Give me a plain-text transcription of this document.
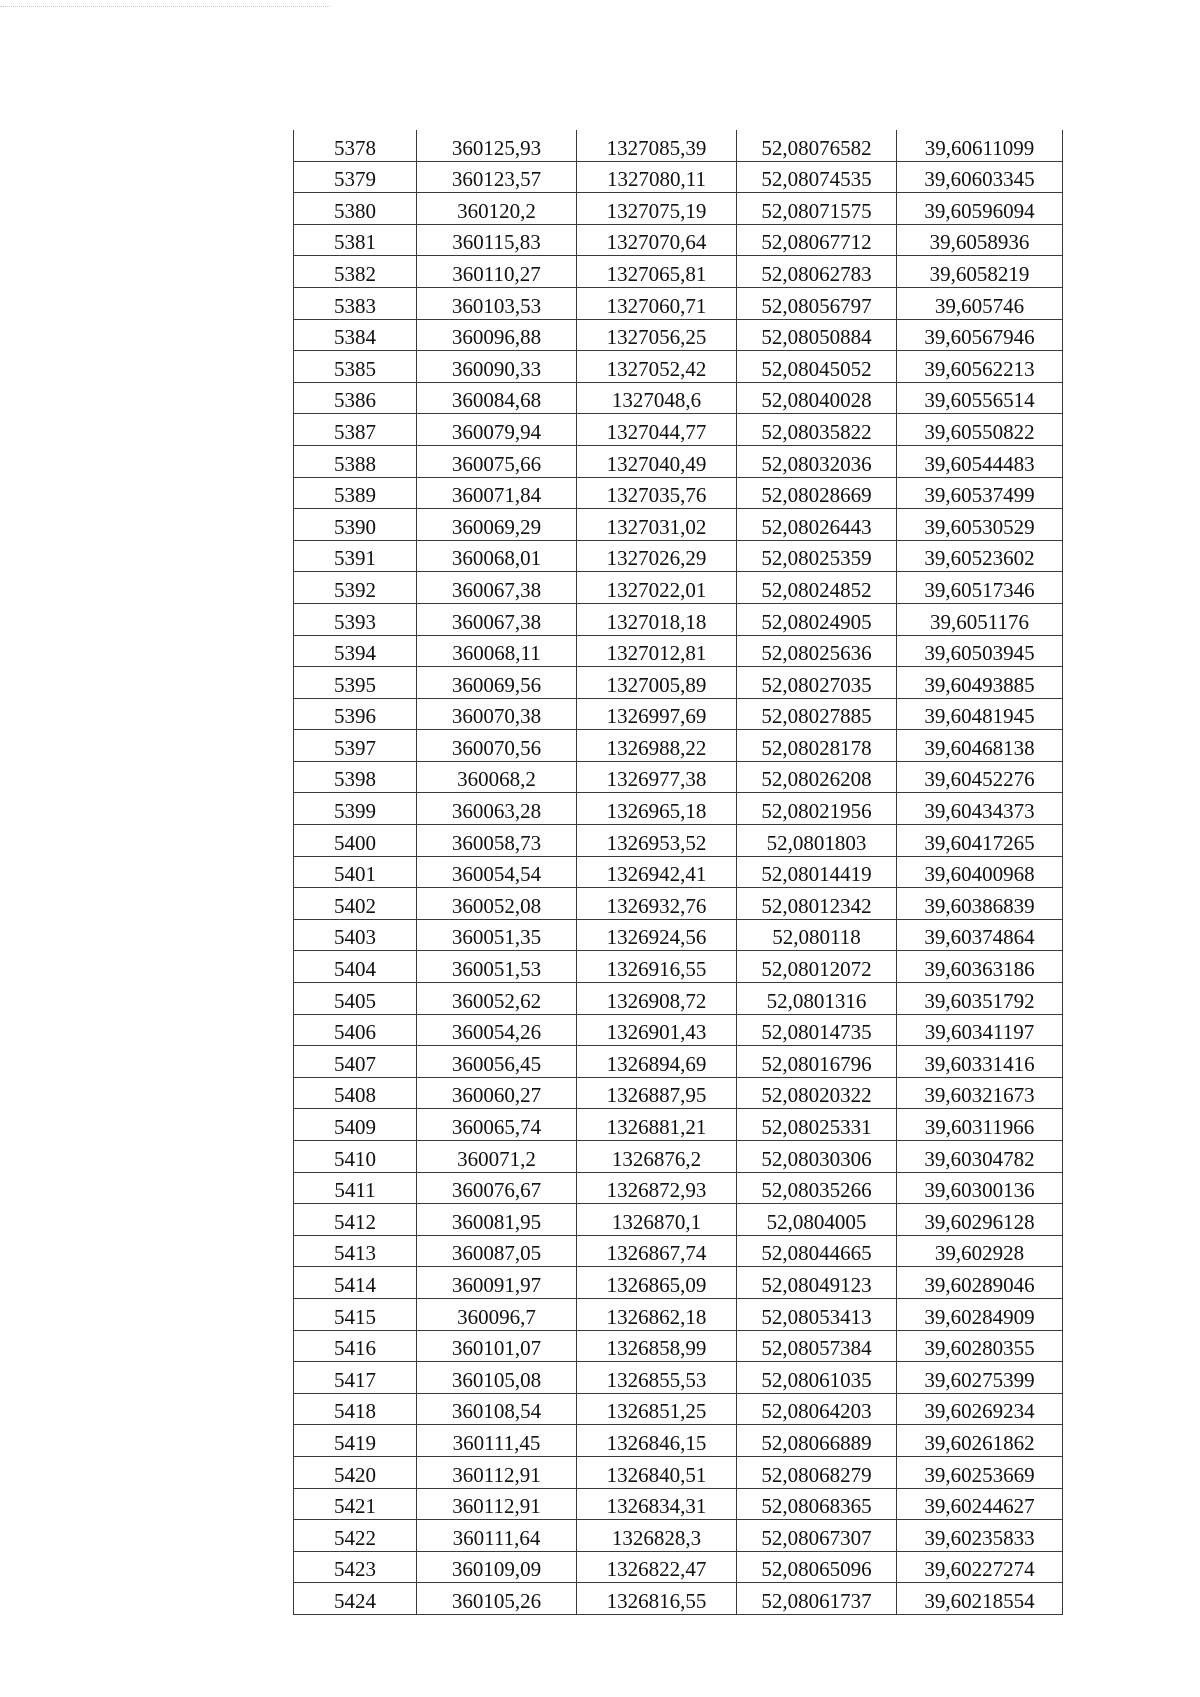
5378	360125,93	1327085,39	52,08076582	39,60611099
5379	360123,57	1327080,11	52,08074535	39,60603345
5380	360120,2	1327075,19	52,08071575	39,60596094
5381	360115,83	1327070,64	52,08067712	39,6058936
5382	360110,27	1327065,81	52,08062783	39,6058219
5383	360103,53	1327060,71	52,08056797	39,605746
5384	360096,88	1327056,25	52,08050884	39,60567946
5385	360090,33	1327052,42	52,08045052	39,60562213
5386	360084,68	1327048,6	52,08040028	39,60556514
5387	360079,94	1327044,77	52,08035822	39,60550822
5388	360075,66	1327040,49	52,08032036	39,60544483
5389	360071,84	1327035,76	52,08028669	39,60537499
5390	360069,29	1327031,02	52,08026443	39,60530529
5391	360068,01	1327026,29	52,08025359	39,60523602
5392	360067,38	1327022,01	52,08024852	39,60517346
5393	360067,38	1327018,18	52,08024905	39,6051176
5394	360068,11	1327012,81	52,08025636	39,60503945
5395	360069,56	1327005,89	52,08027035	39,60493885
5396	360070,38	1326997,69	52,08027885	39,60481945
5397	360070,56	1326988,22	52,08028178	39,60468138
5398	360068,2	1326977,38	52,08026208	39,60452276
5399	360063,28	1326965,18	52,08021956	39,60434373
5400	360058,73	1326953,52	52,0801803	39,60417265
5401	360054,54	1326942,41	52,08014419	39,60400968
5402	360052,08	1326932,76	52,08012342	39,60386839
5403	360051,35	1326924,56	52,080118	39,60374864
5404	360051,53	1326916,55	52,08012072	39,60363186
5405	360052,62	1326908,72	52,0801316	39,60351792
5406	360054,26	1326901,43	52,08014735	39,60341197
5407	360056,45	1326894,69	52,08016796	39,60331416
5408	360060,27	1326887,95	52,08020322	39,60321673
5409	360065,74	1326881,21	52,08025331	39,60311966
5410	360071,2	1326876,2	52,08030306	39,60304782
5411	360076,67	1326872,93	52,08035266	39,60300136
5412	360081,95	1326870,1	52,0804005	39,60296128
5413	360087,05	1326867,74	52,08044665	39,602928
5414	360091,97	1326865,09	52,08049123	39,60289046
5415	360096,7	1326862,18	52,08053413	39,60284909
5416	360101,07	1326858,99	52,08057384	39,60280355
5417	360105,08	1326855,53	52,08061035	39,60275399
5418	360108,54	1326851,25	52,08064203	39,60269234
5419	360111,45	1326846,15	52,08066889	39,60261862
5420	360112,91	1326840,51	52,08068279	39,60253669
5421	360112,91	1326834,31	52,08068365	39,60244627
5422	360111,64	1326828,3	52,08067307	39,60235833
5423	360109,09	1326822,47	52,08065096	39,60227274
5424	360105,26	1326816,55	52,08061737	39,60218554
